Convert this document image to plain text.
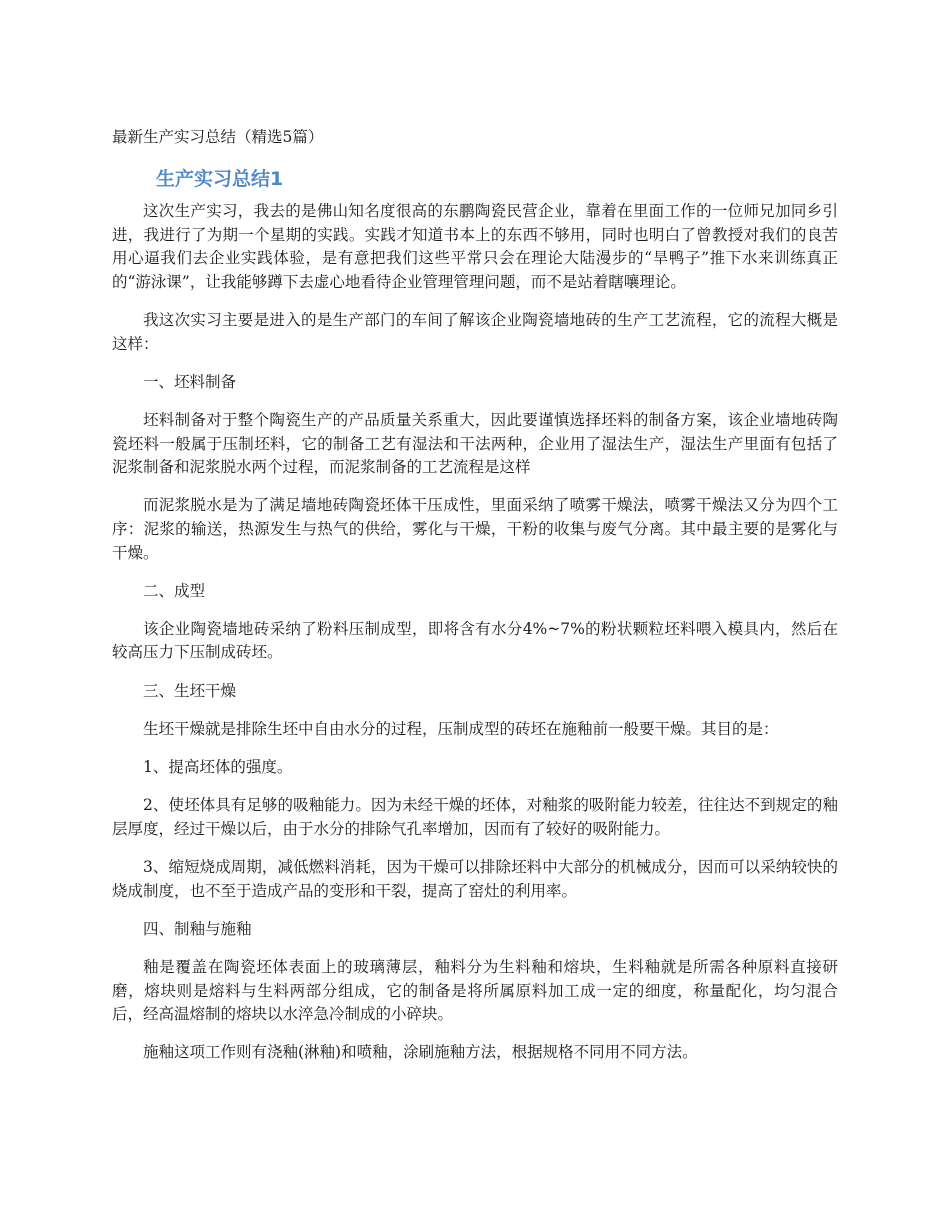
最新生产实习总结（精选5篇）
生产实习总结1

这次生产实习，我去的是佛山知名度很高的东鹏陶瓷民营企业，靠着在里面工作的一位师兄加同乡引进，我进行了为期一个星期的实践。实践才知道书本上的东西不够用，同时也明白了曾教授对我们的良苦用心逼我们去企业实践体验，是有意把我们这些平常只会在理论大陆漫步的“旱鸭子”推下水来训练真正的“游泳课”，让我能够蹲下去虚心地看待企业管理管理问题，而不是站着瞎嚷理论。

我这次实习主要是进入的是生产部门的车间了解该企业陶瓷墙地砖的生产工艺流程，它的流程大概是这样：

一、坯料制备

坯料制备对于整个陶瓷生产的产品质量关系重大，因此要谨慎选择坯料的制备方案，该企业墙地砖陶瓷坯料一般属于压制坯料，它的制备工艺有湿法和干法两种，企业用了湿法生产，湿法生产里面有包括了泥浆制备和泥浆脱水两个过程，而泥浆制备的工艺流程是这样

而泥浆脱水是为了满足墙地砖陶瓷坯体干压成性，里面采纳了喷雾干燥法，喷雾干燥法又分为四个工序：泥浆的输送，热源发生与热气的供给，雾化与干燥，干粉的收集与废气分离。其中最主要的是雾化与干燥。

二、成型

该企业陶瓷墙地砖采纳了粉料压制成型，即将含有水分4%~7%的粉状颗粒坯料喂入模具内，然后在较高压力下压制成砖坯。

三、生坯干燥

生坯干燥就是排除生坯中自由水分的过程，压制成型的砖坯在施釉前一般要干燥。其目的是：

1、提高坯体的强度。

2、使坯体具有足够的吸釉能力。因为未经干燥的坯体，对釉浆的吸附能力较差，往往达不到规定的釉层厚度，经过干燥以后，由于水分的排除气孔率增加，因而有了较好的吸附能力。

3、缩短烧成周期，减低燃料消耗，因为干燥可以排除坯料中大部分的机械成分，因而可以采纳较快的烧成制度，也不至于造成产品的变形和干裂，提高了窑灶的利用率。

四、制釉与施釉

釉是覆盖在陶瓷坯体表面上的玻璃薄层，釉料分为生料釉和熔块，生料釉就是所需各种原料直接研磨，熔块则是熔料与生料两部分组成，它的制备是将所属原料加工成一定的细度，称量配化，均匀混合后，经高温熔制的熔块以水淬急冷制成的小碎块。

施釉这项工作则有浇釉(淋釉)和喷釉，涂刷施釉方法，根据规格不同用不同方法。
